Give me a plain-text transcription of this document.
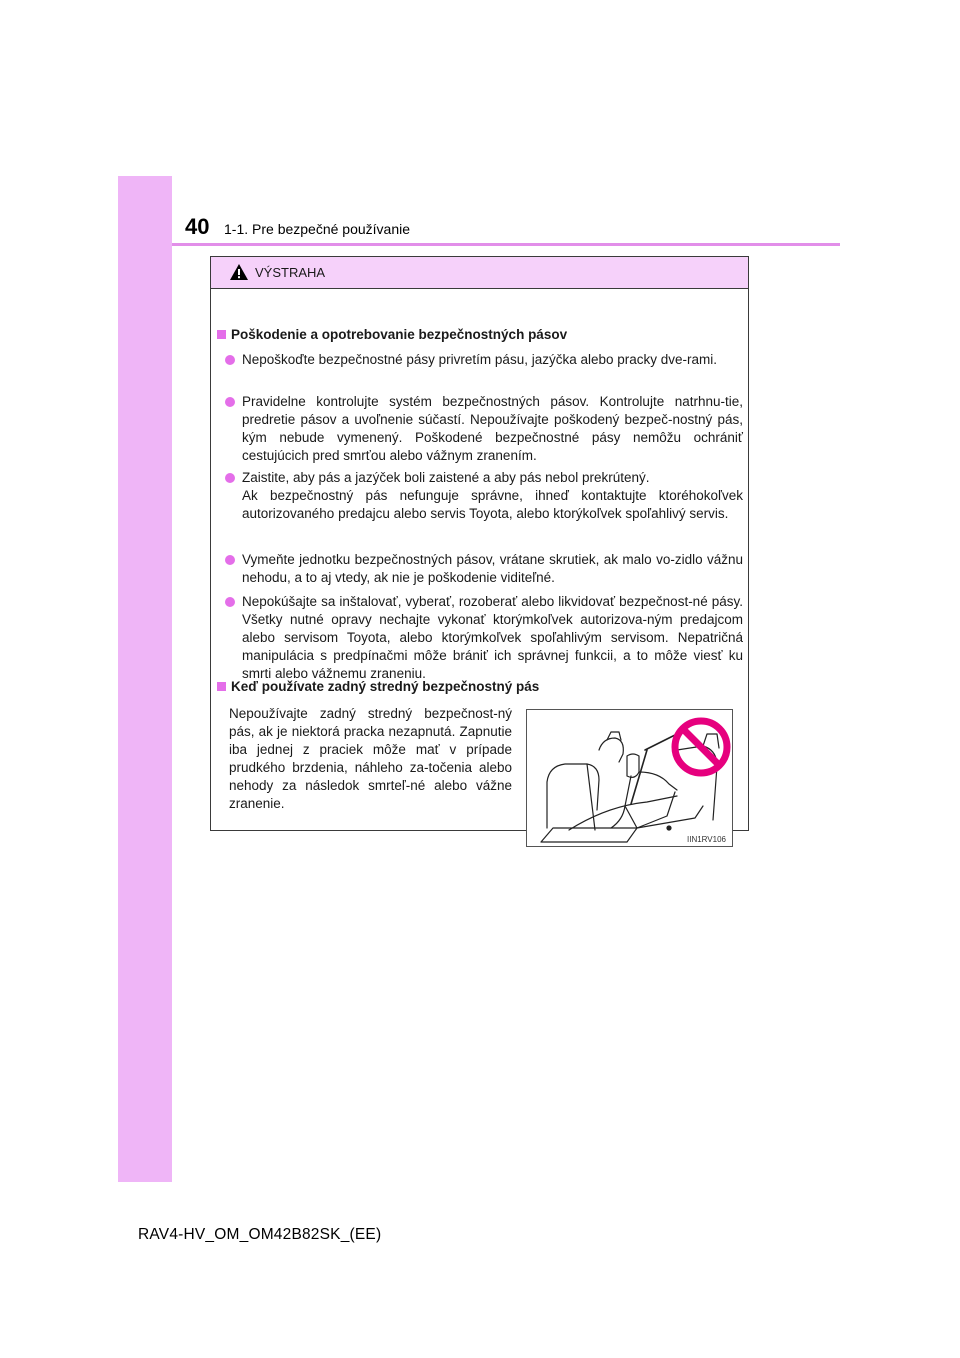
40 1-1. Pre bezpečné používanie
VÝSTRAHA
Poškodenie a opotrebovanie bezpečnostných pásov
Nepoškoďte bezpečnostné pásy privretím pásu, jazýčka alebo pracky dve-rami.
Pravidelne kontrolujte systém bezpečnostných pásov. Kontrolujte natrhnu-tie, predretie pásov a uvoľnenie súčastí. Nepoužívajte poškodený bezpeč-nostný pás, kým nebude vymenený. Poškodené bezpečnostné pásy nemôžu ochrániť cestujúcich pred smrťou alebo vážnym zranením.
Zaistite, aby pás a jazýček boli zaistené a aby pás nebol prekrútený.
Ak bezpečnostný pás nefunguje správne, ihneď kontaktujte ktoréhokoľvek autorizovaného predajcu alebo servis Toyota, alebo ktorýkoľvek spoľahlivý servis.
Vymeňte jednotku bezpečnostných pásov, vrátane skrutiek, ak malo vo-zidlo vážnu nehodu, a to aj vtedy, ak nie je poškodenie viditeľné.
Nepokúšajte sa inštalovať, vyberať, rozoberať alebo likvidovať bezpečnost-né pásy. Všetky nutné opravy nechajte vykonať ktorýmkoľvek autorizova-ným predajcom alebo servisom Toyota, alebo ktorýmkoľvek spoľahlivým servisom. Nepatričná manipulácia s predpínačmi môže brániť ich správnej funkcii, a to môže viesť ku smrti alebo vážnemu zraneniu.
Keď používate zadný stredný bezpečnostný pás
Nepoužívajte zadný stredný bezpečnost-ný pás, ak je niektorá pracka nezapnutá. Zapnutie iba jednej z praciek môže mať v prípade prudkého brzdenia, náhleho za-točenia alebo nehody za následok smrteľ-né alebo vážne zranenie.
IIN1RV106
RAV4-HV_OM_OM42B82SK_(EE)
